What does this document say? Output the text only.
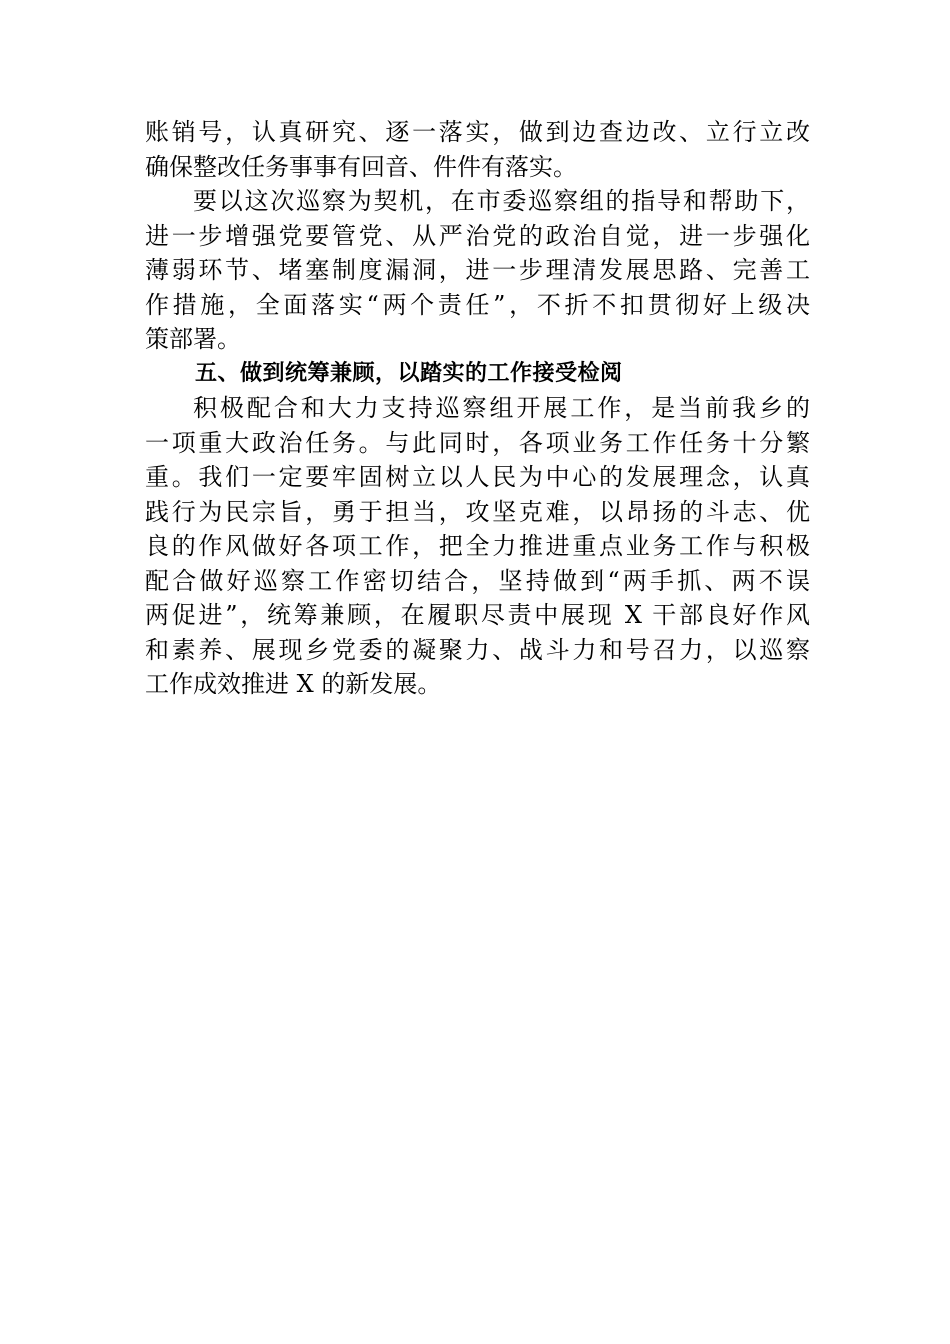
账销号，认真研究、逐一落实，做到边查边改、立行立改
确保整改任务事事有回音、件件有落实。
要以这次巡察为契机，在市委巡察组的指导和帮助下，
进一步增强党要管党、从严治党的政治自觉，进一步强化
薄弱环节、堵塞制度漏洞，进一步理清发展思路、完善工
作措施，全面落实“两个责任”，不折不扣贯彻好上级决
策部署。
五、做到统筹兼顾，以踏实的工作接受检阅
积极配合和大力支持巡察组开展工作，是当前我乡的
一项重大政治任务。与此同时，各项业务工作任务十分繁
重。我们一定要牢固树立以人民为中心的发展理念，认真
践行为民宗旨，勇于担当，攻坚克难，以昂扬的斗志、优
良的作风做好各项工作，把全力推进重点业务工作与积极
配合做好巡察工作密切结合，坚持做到“两手抓、两不误
两促进”，统筹兼顾，在履职尽责中展现 X 干部良好作风
和素养、展现乡党委的凝聚力、战斗力和号召力，以巡察
工作成效推进 X 的新发展。
